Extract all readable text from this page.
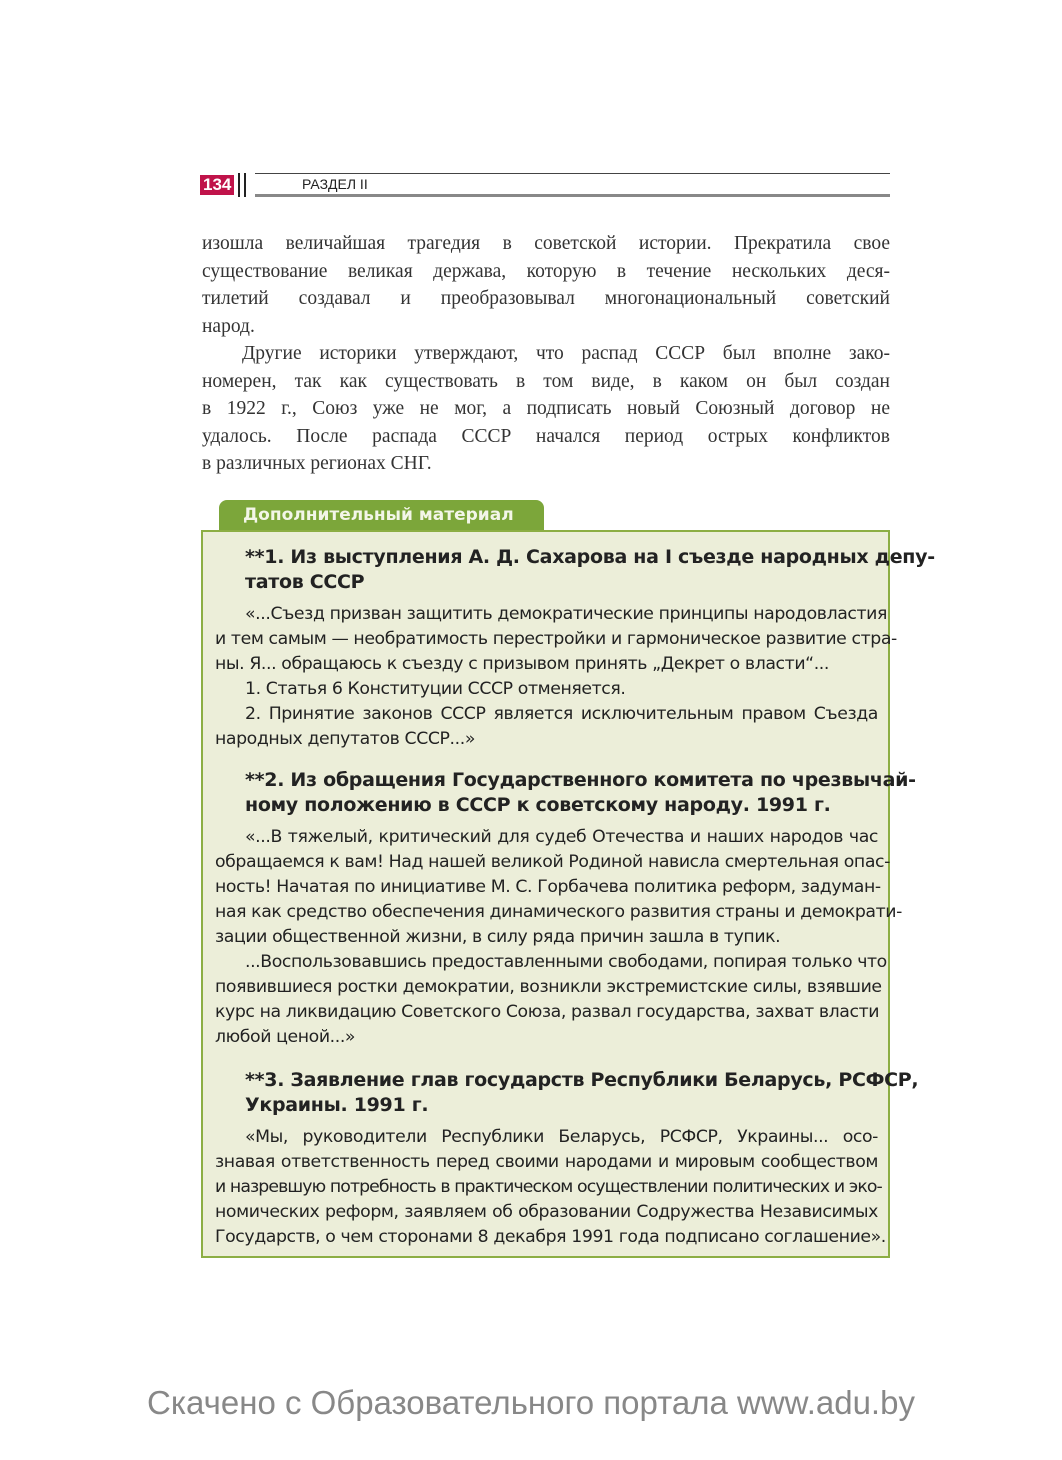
134	РАЗДЕЛ II
изошла величайшая трагедия в советской истории. Прекратила свое
существование великая держава, которую в течение нескольких деся-
тилетий создавал и преобразовывал многонациональный советский
народ.
Другие историки утверждают, что распад СССР был вполне зако-
номерен, так как существовать в том виде, в каком он был создан
в 1922 г., Союз уже не мог, а подписать новый Союзный договор не
удалось. После распада СССР начался период острых конфликтов
в различных регионах СНГ.
Дополнительный материал
**1. Из выступления А. Д. Сахарова на I съезде народных депу-
татов СССР
«...Съезд призван защитить демократические принципы народовластия
и тем самым — необратимость перестройки и гармоническое развитие стра-
ны. Я... обращаюсь к съезду с призывом принять „Декрет о власти“...
1. Статья 6 Конституции СССР отменяется.
2. Принятие законов СССР является исключительным правом Съезда
народных депутатов СССР...»
**2. Из обращения Государственного комитета по чрезвычай-
ному положению в СССР к советскому народу. 1991 г.
«...В тяжелый, критический для судеб Отечества и наших народов час
обращаемся к вам! Над нашей великой Родиной нависла смертельная опас-
ность! Начатая по инициативе М. С. Горбачева политика реформ, задуман-
ная как средство обеспечения динамического развития страны и демократи-
зации общественной жизни, в силу ряда причин зашла в тупик.
...Воспользовавшись предоставленными свободами, попирая только что
появившиеся ростки демократии, возникли экстремистские силы, взявшие
курс на ликвидацию Советского Союза, развал государства, захват власти
любой ценой...»
**3. Заявление глав государств Республики Беларусь, РСФСР,
Украины. 1991 г.
«Мы, руководители Республики Беларусь, РСФСР, Украины... осо-
знавая ответственность перед своими народами и мировым сообществом
и назревшую потребность в практическом осуществлении политических и эко-
номических реформ, заявляем об образовании Содружества Независимых
Государств, о чем сторонами 8 декабря 1991 года подписано соглашение».
Скачено с Образовательного портала www.adu.by
